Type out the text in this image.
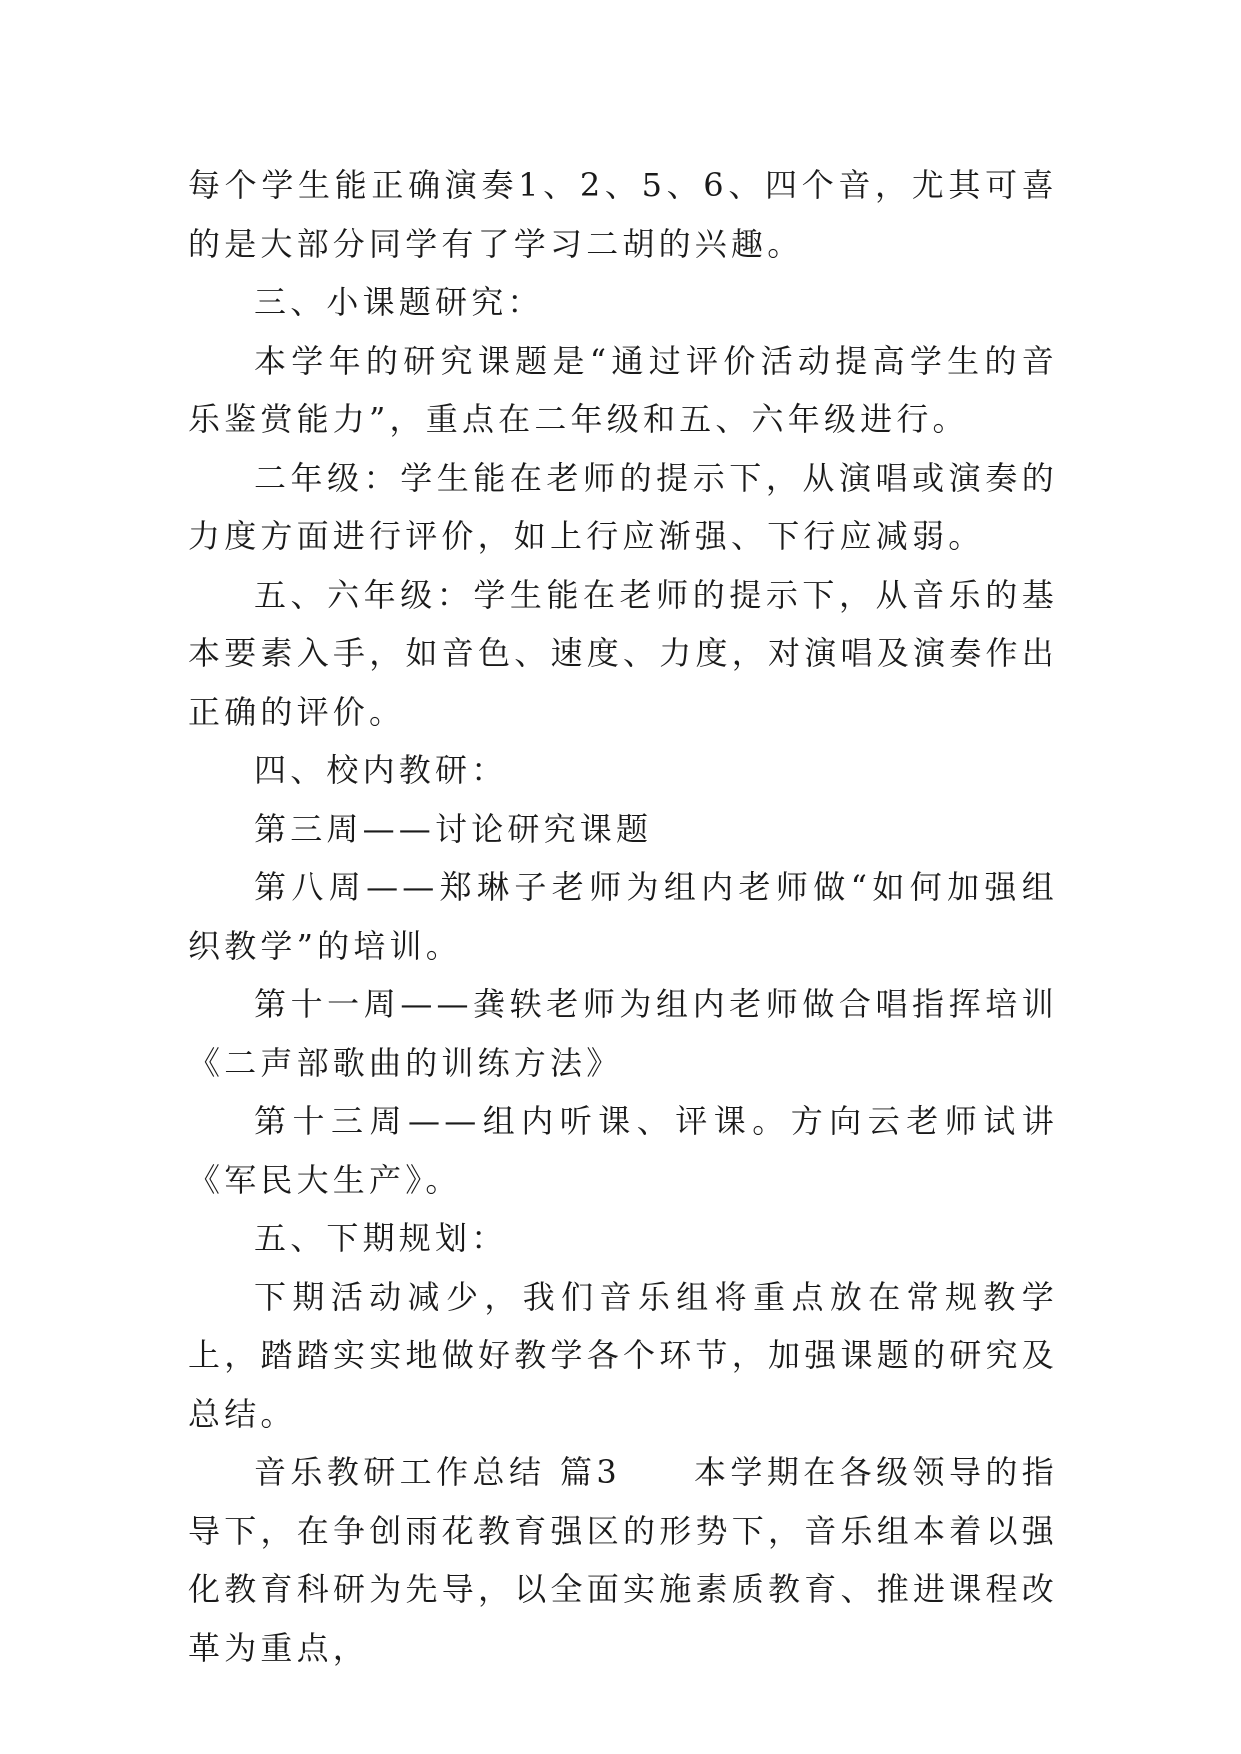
每个学生能正确演奏1、2、5、6、四个音，尤其可喜的是大部分同学有了学习二胡的兴趣。

三、小课题研究：

本学年的研究课题是“通过评价活动提高学生的音乐鉴赏能力”，重点在二年级和五、六年级进行。

二年级：学生能在老师的提示下，从演唱或演奏的力度方面进行评价，如上行应渐强、下行应减弱。

五、六年级：学生能在老师的提示下，从音乐的基本要素入手，如音色、速度、力度，对演唱及演奏作出正确的评价。

四、校内教研：

第三周——讨论研究课题

第八周——郑琳子老师为组内老师做“如何加强组织教学”的培训。

第十一周——龚轶老师为组内老师做合唱指挥培训《二声部歌曲的训练方法》

第十三周——组内听课、评课。方向云老师试讲《军民大生产》。

五、下期规划：

下期活动减少，我们音乐组将重点放在常规教学上，踏踏实实地做好教学各个环节，加强课题的研究及总结。

音乐教研工作总结 篇3　　本学期在各级领导的指导下，在争创雨花教育强区的形势下，音乐组本着以强化教育科研为先导，以全面实施素质教育、推进课程改革为重点，
